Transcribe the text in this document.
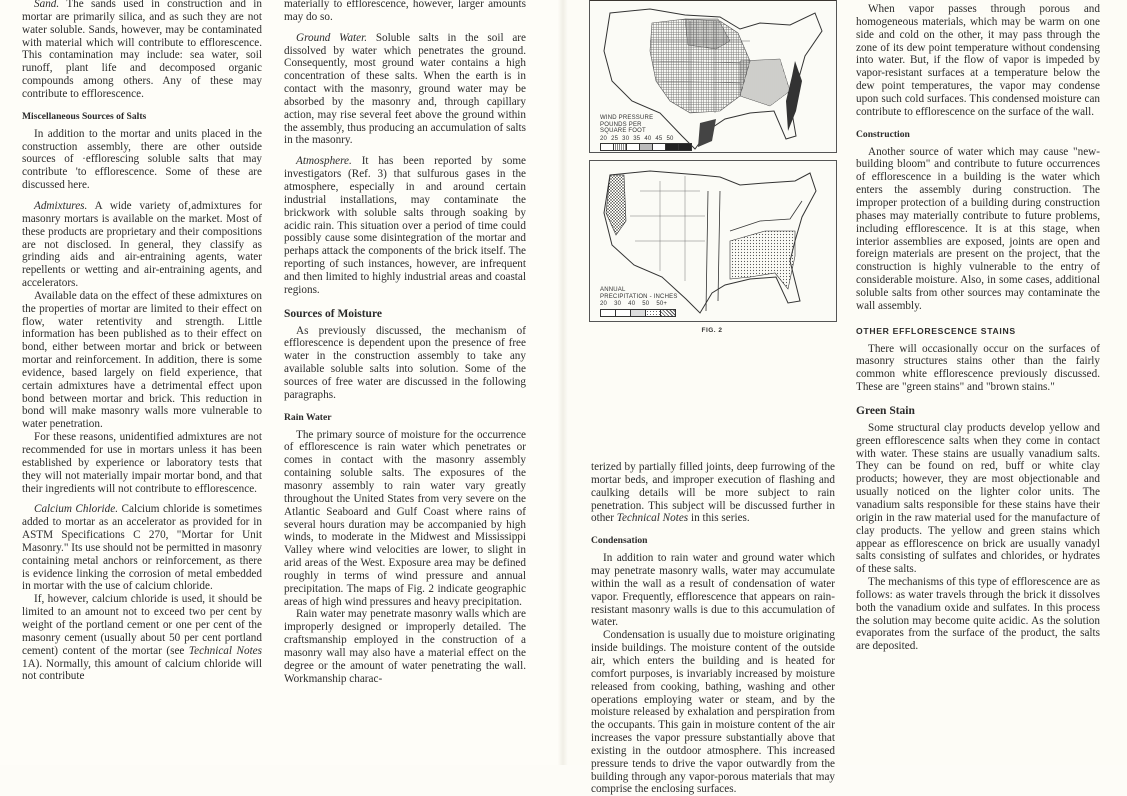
Sand. The sands used in construction and in mortar are primarily silica, and as such they are not water soluble. Sands, however, may be contaminated with material which will contribute to efflorescence. This contamination may include: sea water, soil runoff, plant life and decomposed organic compounds among others. Any of these may contribute to efflorescence.

Miscellaneous Sources of Salts

In addition to the mortar and units placed in the construction assembly, there are other outside sources of ·efflorescing soluble salts that may contribute 'to efflorescence. Some of these are discussed here.

Admixtures. A wide variety of‚admixtures for masonry mortars is available on the market. Most of these products are proprietary and their compositions are not disclosed. In general, they classify as grinding aids and air-entraining agents, water repellents or wetting and air-entraining agents, and accelerators.

Available data on the effect of these admixtures on the properties of mortar are limited to their effect on flow, water retentivity and strength. Little information has been published as to their effect on bond, either between mortar and brick or between mortar and reinforcement. In addition, there is some evidence, based largely on field experience, that certain admixtures have a detrimental effect upon bond between mortar and brick. This reduction in bond will make masonry walls more vulnerable to water penetration.

For these reasons, unidentified admixtures are not recommended for use in mortars unless it has been established by experience or laboratory tests that they will not materially impair mortar bond, and that their ingredients will not contribute to efflorescence.

Calcium Chloride. Calcium chloride is sometimes added to mortar as an accelerator as provided for in ASTM Specifications C 270, "Mortar for Unit Masonry." Its use should not be permitted in masonry containing metal anchors or reinforcement, as there is evidence linking the corrosion of metal embedded in mortar with the use of calcium chloride.

If, however, calcium chloride is used, it should be limited to an amount not to exceed two per cent by weight of the portland cement or one per cent of the masonry cement (usually about 50 per cent portland cement) content of the mortar (see Technical Notes 1A). Normally, this amount of calcium chloride will not contribute

materially to efflorescence, however, larger amounts may do so.

Ground Water. Soluble salts in the soil are dissolved by water which penetrates the ground. Consequently, most ground water contains a high concentration of these salts. When the earth is in contact with the masonry, ground water may be absorbed by the masonry and, through capillary action, may rise several feet above the ground within the assembly, thus producing an accumulation of salts in the masonry.

Atmosphere. It has been reported by some investigators (Ref. 3) that sulfurous gases in the atmosphere, especially in and around certain industrial installations, may contaminate the brickwork with soluble salts through soaking by acidic rain. This situation over a period of time could possibly cause some disintegration of the mortar and perhaps attack the components of the brick itself. The reporting of such instances, however, are infrequent and then limited to highly industrial areas and coastal regions.

Sources of Moisture

As previously discussed, the mechanism of efflorescence is dependent upon the presence of free water in the construction assembly to take any available soluble salts into solution. Some of the sources of free water are discussed in the following paragraphs.

Rain Water

The primary source of moisture for the occurrence of efflorescence is rain water which penetrates or comes in contact with the masonry assembly containing soluble salts. The exposures of the masonry assembly to rain water vary greatly throughout the United States from very severe on the Atlantic Seaboard and Gulf Coast where rains of several hours duration may be accompanied by high winds, to moderate in the Midwest and Mississippi Valley where wind velocities are lower, to slight in arid areas of the West. Exposure area may be defined roughly in terms of wind pressure and annual precipitation. The maps of Fig. 2 indicate geographic areas of high wind pressures and heavy precipitation.

Rain water may penetrate masonry walls which are improperly designed or improperly detailed. The craftsmanship employed in the construction of a masonry wall may also have a material effect on the degree or the amount of water penetrating the wall. Workmanship charac-

WIND PRESSURE
POUNDS PER
SQUARE FOOT
20 25 30 35 40 45 50
ANNUAL
PRECIPITATION - INCHES
20 30 40 50 50+
FIG. 2

terized by partially filled joints, deep furrowing of the mortar beds, and improper execution of flashing and caulking details will be more subject to rain penetration. This subject will be discussed further in other Technical Notes in this series.

Condensation

In addition to rain water and ground water which may penetrate masonry walls, water may accumulate within the wall as a result of condensation of water vapor. Frequently, efflorescence that appears on rain-resistant masonry walls is due to this accumulation of water.

Condensation is usually due to moisture originating inside buildings. The moisture content of the outside air, which enters the building and is heated for comfort purposes, is invariably increased by moisture released from cooking, bathing, washing and other operations employing water or steam, and by the moisture released by exhalation and perspiration from the occupants. This gain in moisture content of the air increases the vapor pressure substantially above that existing in the outdoor atmosphere. This increased pressure tends to drive the vapor outwardly from the building through any vapor-porous materials that may comprise the enclosing surfaces.

When vapor passes through porous and homogeneous materials, which may be warm on one side and cold on the other, it may pass through the zone of its dew point temperature without condensing into water. But, if the flow of vapor is impeded by vapor-resistant surfaces at a temperature below the dew point temperatures, the vapor may condense upon such cold surfaces. This condensed moisture can contribute to efflorescence on the surface of the wall.

Construction

Another source of water which may cause "new-building bloom" and contribute to future occurrences of efflorescence in a building is the water which enters the assembly during construction. The improper protection of a building during construction phases may materially contribute to future problems, including efflorescence. It is at this stage, when interior assemblies are exposed, joints are open and foreign materials are present on the project, that the construction is highly vulnerable to the entry of considerable moisture. Also, in some cases, additional soluble salts from other sources may contaminate the wall assembly.

OTHER EFFLORESCENCE STAINS

There will occasionally occur on the surfaces of masonry structures stains other than the fairly common white efflorescence previously discussed. These are "green stains" and "brown stains."

Green Stain

Some structural clay products develop yellow and green efflorescence salts when they come in contact with water. These stains are usually vanadium salts. They can be found on red, buff or white clay products; however, they are most objectionable and usually noticed on the lighter color units. The vanadium salts responsible for these stains have their origin in the raw material used for the manufacture of clay products. The yellow and green stains which appear as efflorescence on brick are usually vanadyl salts consisting of sulfates and chlorides, or hydrates of these salts.

The mechanisms of this type of efflorescence are as follows: as water travels through the brick it dissolves both the vanadium oxide and sulfates. In this process the solution may become quite acidic. As the solution evaporates from the surface of the product, the salts are deposited.
